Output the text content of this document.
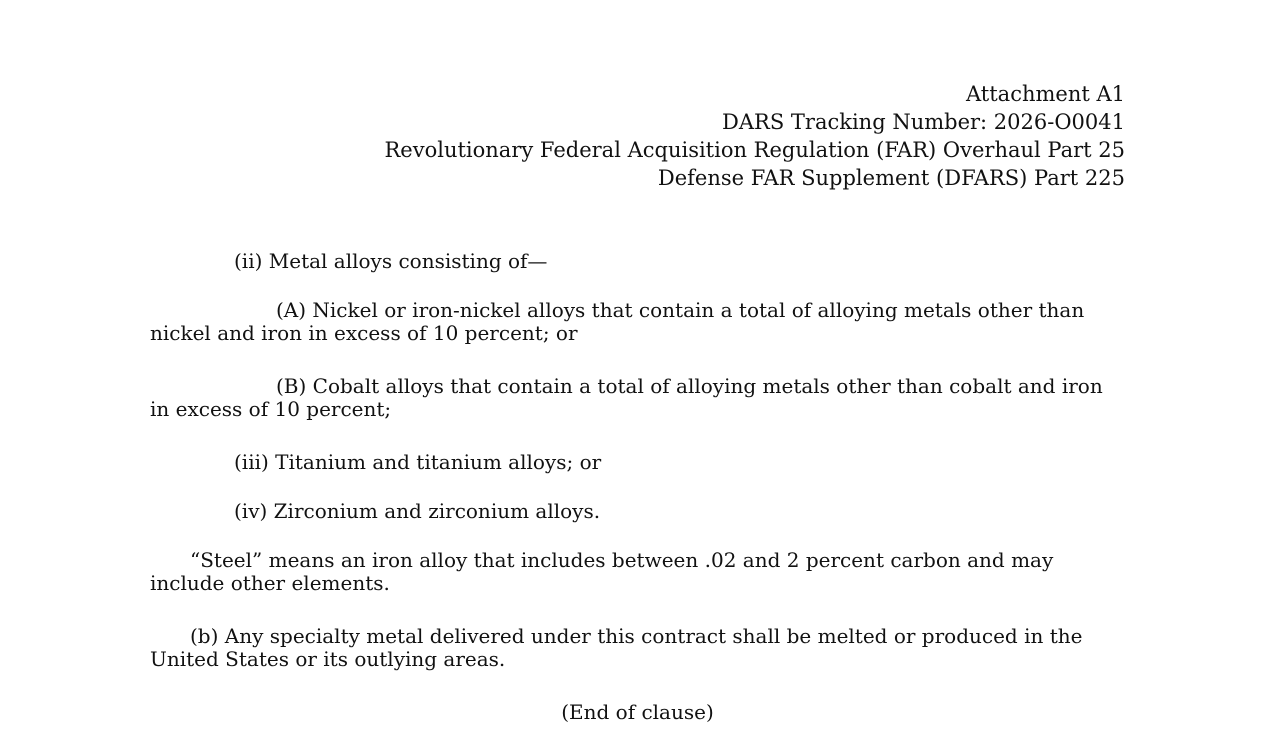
Attachment A1
DARS Tracking Number: 2026-O0041
Revolutionary Federal Acquisition Regulation (FAR) Overhaul Part 25
Defense FAR Supplement (DFARS) Part 225

(ii) Metal alloys consisting of—

(A) Nickel or iron-nickel alloys that contain a total of alloying metals other than nickel and iron in excess of 10 percent; or

(B) Cobalt alloys that contain a total of alloying metals other than cobalt and iron in excess of 10 percent;

(iii) Titanium and titanium alloys; or

(iv) Zirconium and zirconium alloys.

“Steel” means an iron alloy that includes between .02 and 2 percent carbon and may include other elements.

(b) Any specialty metal delivered under this contract shall be melted or produced in the United States or its outlying areas.

(End of clause)
